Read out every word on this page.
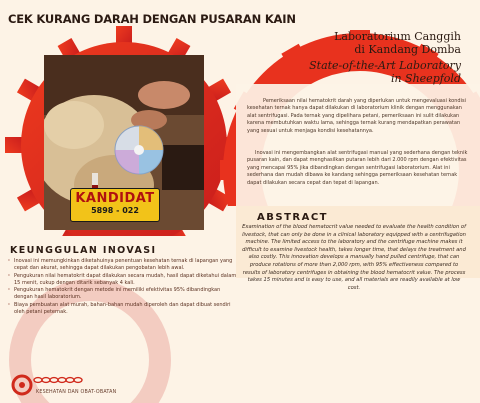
KANDIDAT
5898 - 022
CEK KURANG DARAH DENGAN PUSARAN KAIN
Laboratorium Canggih
di Kandang Domba
State-of-the-Art Laboratory
in Sheepfold
Pemeriksaan nilai hematokrit darah yang diperlukan untuk mengevaluasi kondisi kesehatan ternak hanya dapat dilakukan di laboratorium klinik dengan menggunakan alat sentrifugasi. Pada ternak yang dipelihara petani, pemeriksaan ini sulit dilakukan karena membutuhkan waktu lama, sehingga ternak kurang mendapatkan perawatan yang sesuai untuk menjaga kondisi kesehatannya.
Inovasi ini mengembangkan alat sentrifugasi manual yang sederhana dengan teknik pusaran kain, dan dapat menghasilkan putaran lebih dari 2.000 rpm dengan efektivitas yang mencapai 95% jika dibandingkan dengan sentrifugasi laboratorium. Alat ini sederhana dan mudah dibawa ke kandang sehingga pemeriksaan kesehatan ternak dapat dilakukan secara cepat dan tepat di lapangan.
ABSTRACT
Examination of the blood hematocrit value needed to evaluate the health condition of livestock, that can only be done in a clinical laboratory equipped with a centrifugation machine. The limited access to the laboratory and the centrifuge machine makes it difficult to examine livestock health, takes longer time, that delays the treatment and also costly. This innovation develops a manually hand pulled centrifuge, that can produce rotations of more than 2,000 rpm, with 95% effectiveness compared to results of laboratory centrifuges in obtaining the blood hematocrit value. The process takes 15 minutes and is easy to use, and all materials are readily available at low cost.
KEUNGGULAN INOVASI
· Inovasi ini memungkinkan diketahuinya penentuan kesehatan ternak di lapangan yang cepat dan akurat, sehingga dapat dilakukan pengobatan lebih awal.
· Pengukuran nilai hematokrit dapat dilakukan secara mudah, hasil dapat diketahui dalam 15 menit, cukup dengan ditarik sebanyak 4 kali.
· Pengukuran hematokrit dengan metode ini memiliki efektivitas 95% dibandingkan dengan hasil laboratorium.
· Biaya pembuatan alat murah, bahan-bahan mudah diperoleh dan dapat dibuat sendiri oleh petani peternak.
KESEHATAN DAN OBAT-OBATAN
